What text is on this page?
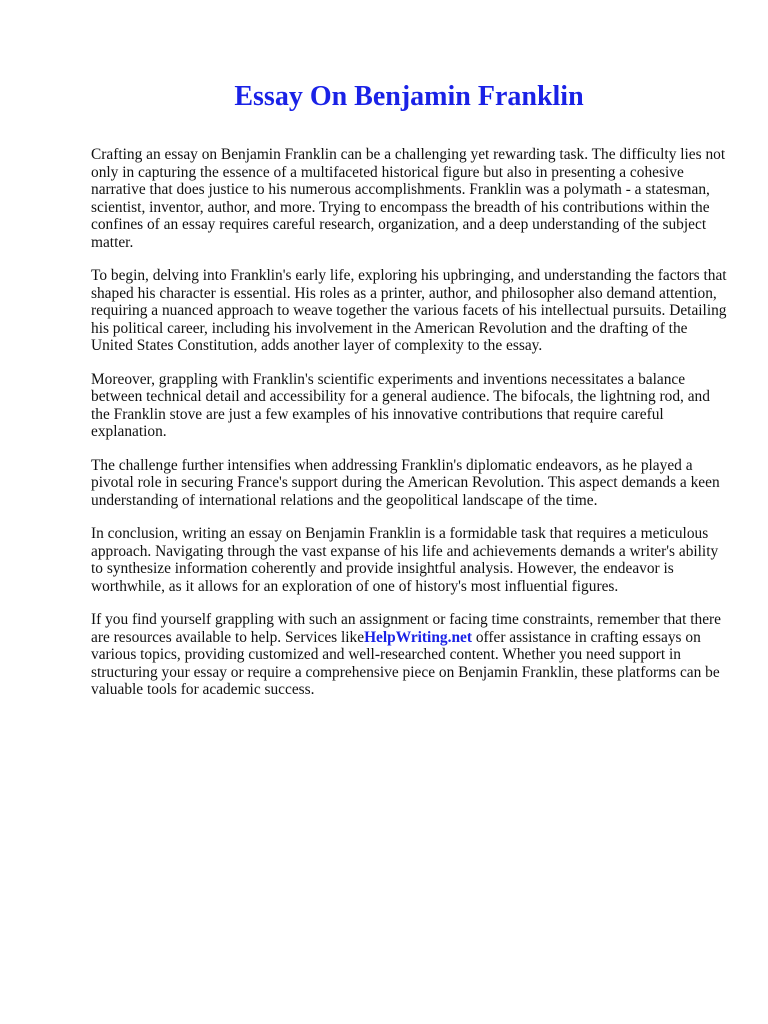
Essay On Benjamin Franklin

Crafting an essay on Benjamin Franklin can be a challenging yet rewarding task. The difficulty lies not only in capturing the essence of a multifaceted historical figure but also in presenting a cohesive narrative that does justice to his numerous accomplishments. Franklin was a polymath - a statesman, scientist, inventor, author, and more. Trying to encompass the breadth of his contributions within the confines of an essay requires careful research, organization, and a deep understanding of the subject matter.

To begin, delving into Franklin's early life, exploring his upbringing, and understanding the factors that shaped his character is essential. His roles as a printer, author, and philosopher also demand attention, requiring a nuanced approach to weave together the various facets of his intellectual pursuits. Detailing his political career, including his involvement in the American Revolution and the drafting of the United States Constitution, adds another layer of complexity to the essay.

Moreover, grappling with Franklin's scientific experiments and inventions necessitates a balance between technical detail and accessibility for a general audience. The bifocals, the lightning rod, and the Franklin stove are just a few examples of his innovative contributions that require careful explanation.

The challenge further intensifies when addressing Franklin's diplomatic endeavors, as he played a pivotal role in securing France's support during the American Revolution. This aspect demands a keen understanding of international relations and the geopolitical landscape of the time.

In conclusion, writing an essay on Benjamin Franklin is a formidable task that requires a meticulous approach. Navigating through the vast expanse of his life and achievements demands a writer's ability to synthesize information coherently and provide insightful analysis. However, the endeavor is worthwhile, as it allows for an exploration of one of history's most influential figures.

If you find yourself grappling with such an assignment or facing time constraints, remember that there are resources available to help. Services likeHelpWriting.net offer assistance in crafting essays on various topics, providing customized and well-researched content. Whether you need support in structuring your essay or require a comprehensive piece on Benjamin Franklin, these platforms can be valuable tools for academic success.
